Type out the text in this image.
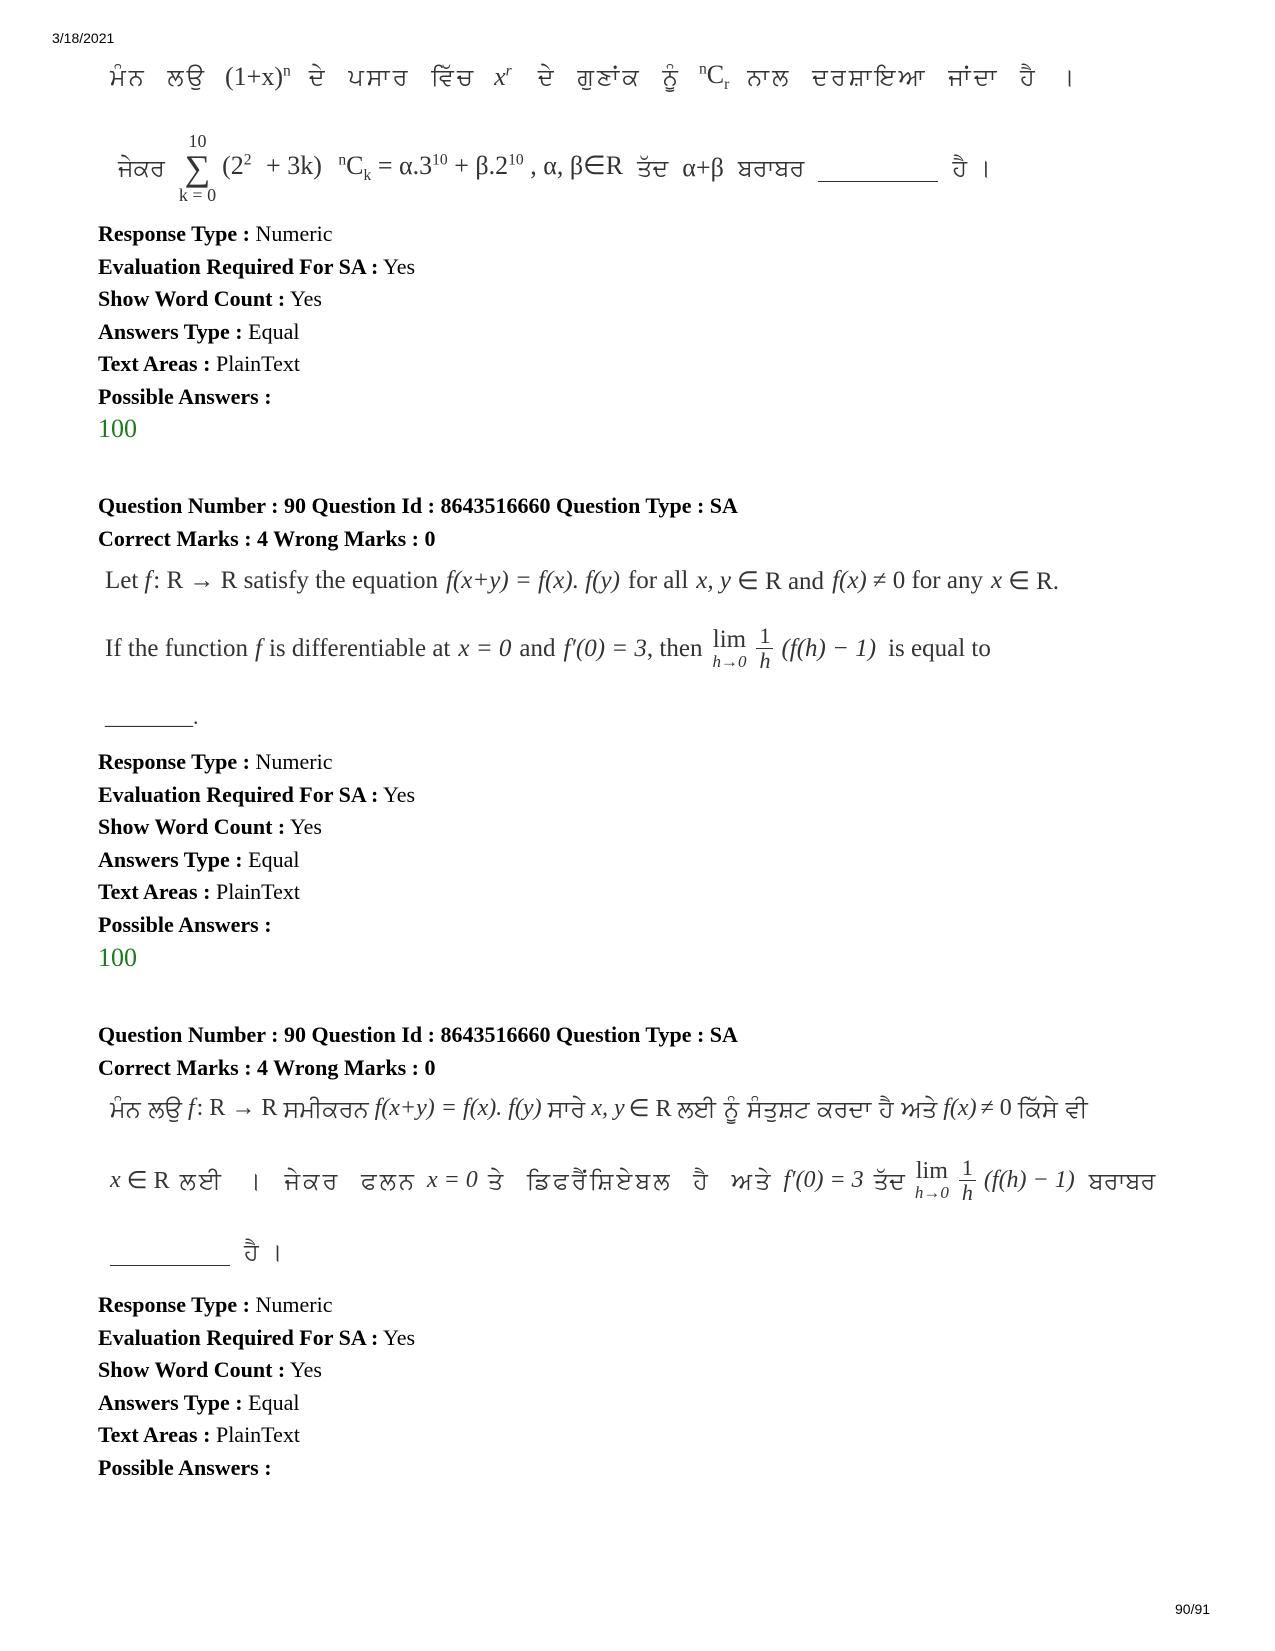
3/18/2021
ਮੰਨ ਲਉ $(1+x)^n$ ਦੇ ਪਸਾਰ ਵਿੱਚ $x^r$ ਦੇ ਗੁਣਾਂਕ ਨੂੰ $^nC_r$ ਨਾਲ ਦਰਸ਼ਾਇਆ ਜਾਂਦਾ ਹੈ ।
ਜੇਕਰ
10
∑
k = 0
$(2^2 + 3k) ^nC_k = \alpha.3^{10} + \beta.2^{10}$ , α, β∈R ਤੱਦ α+β ਬਰਾਬਰ	ਹੈ ।
Response Type : Numeric
Evaluation Required For SA : Yes
Show Word Count : Yes
Answers Type : Equal
Text Areas : PlainText
Possible Answers :
100
Question Number : 90 Question Id : 8643516660 Question Type : SA
Correct Marks : 4 Wrong Marks : 0
Let f : R → R satisfy the equation f(x+y) = f(x). f(y) for all x, y ∈ R and f(x) ≠ 0 for any x ∈ R.
If the function f is differentiable at x = 0 and f′(0) = 3 , then lim
$h\to 0 \frac{1}{h} (f(h) - 1)$ is equal to
________.
Response Type : Numeric
Evaluation Required For SA : Yes
Show Word Count : Yes
Answers Type : Equal
Text Areas : PlainText
Possible Answers :
100
Question Number : 90 Question Id : 8643516660 Question Type : SA
Correct Marks : 4 Wrong Marks : 0
ਮੰਨ ਲਉ f : R → R ਸਮੀਕਰਨ f(x+y) = f(x). f(y) ਸਾਰੇ x, y ∈ R ਲਈ ਨੂੰ ਸੰਤੁਸ਼ਟ ਕਰਦਾ ਹੈ ਅਤੇ f(x) ≠ 0 ਕਿੱਸੇ ਵੀ
x ∈ R ਲਈ । ਜੇਕਰ ਫਲਨ x = 0 ਤੇ ਡਿਫਰੈਂਸ਼ਿਏਬਲ ਹੈ ਅਤੇ f′(0) = 3 ਤੱਦ lim
$h\to 0 \frac{1}{h} (f(h) - 1)$ ਬਰਾਬਰ
ਹੈ ।
Response Type : Numeric
Evaluation Required For SA : Yes
Show Word Count : Yes
Answers Type : Equal
Text Areas : PlainText
Possible Answers :
90/91
